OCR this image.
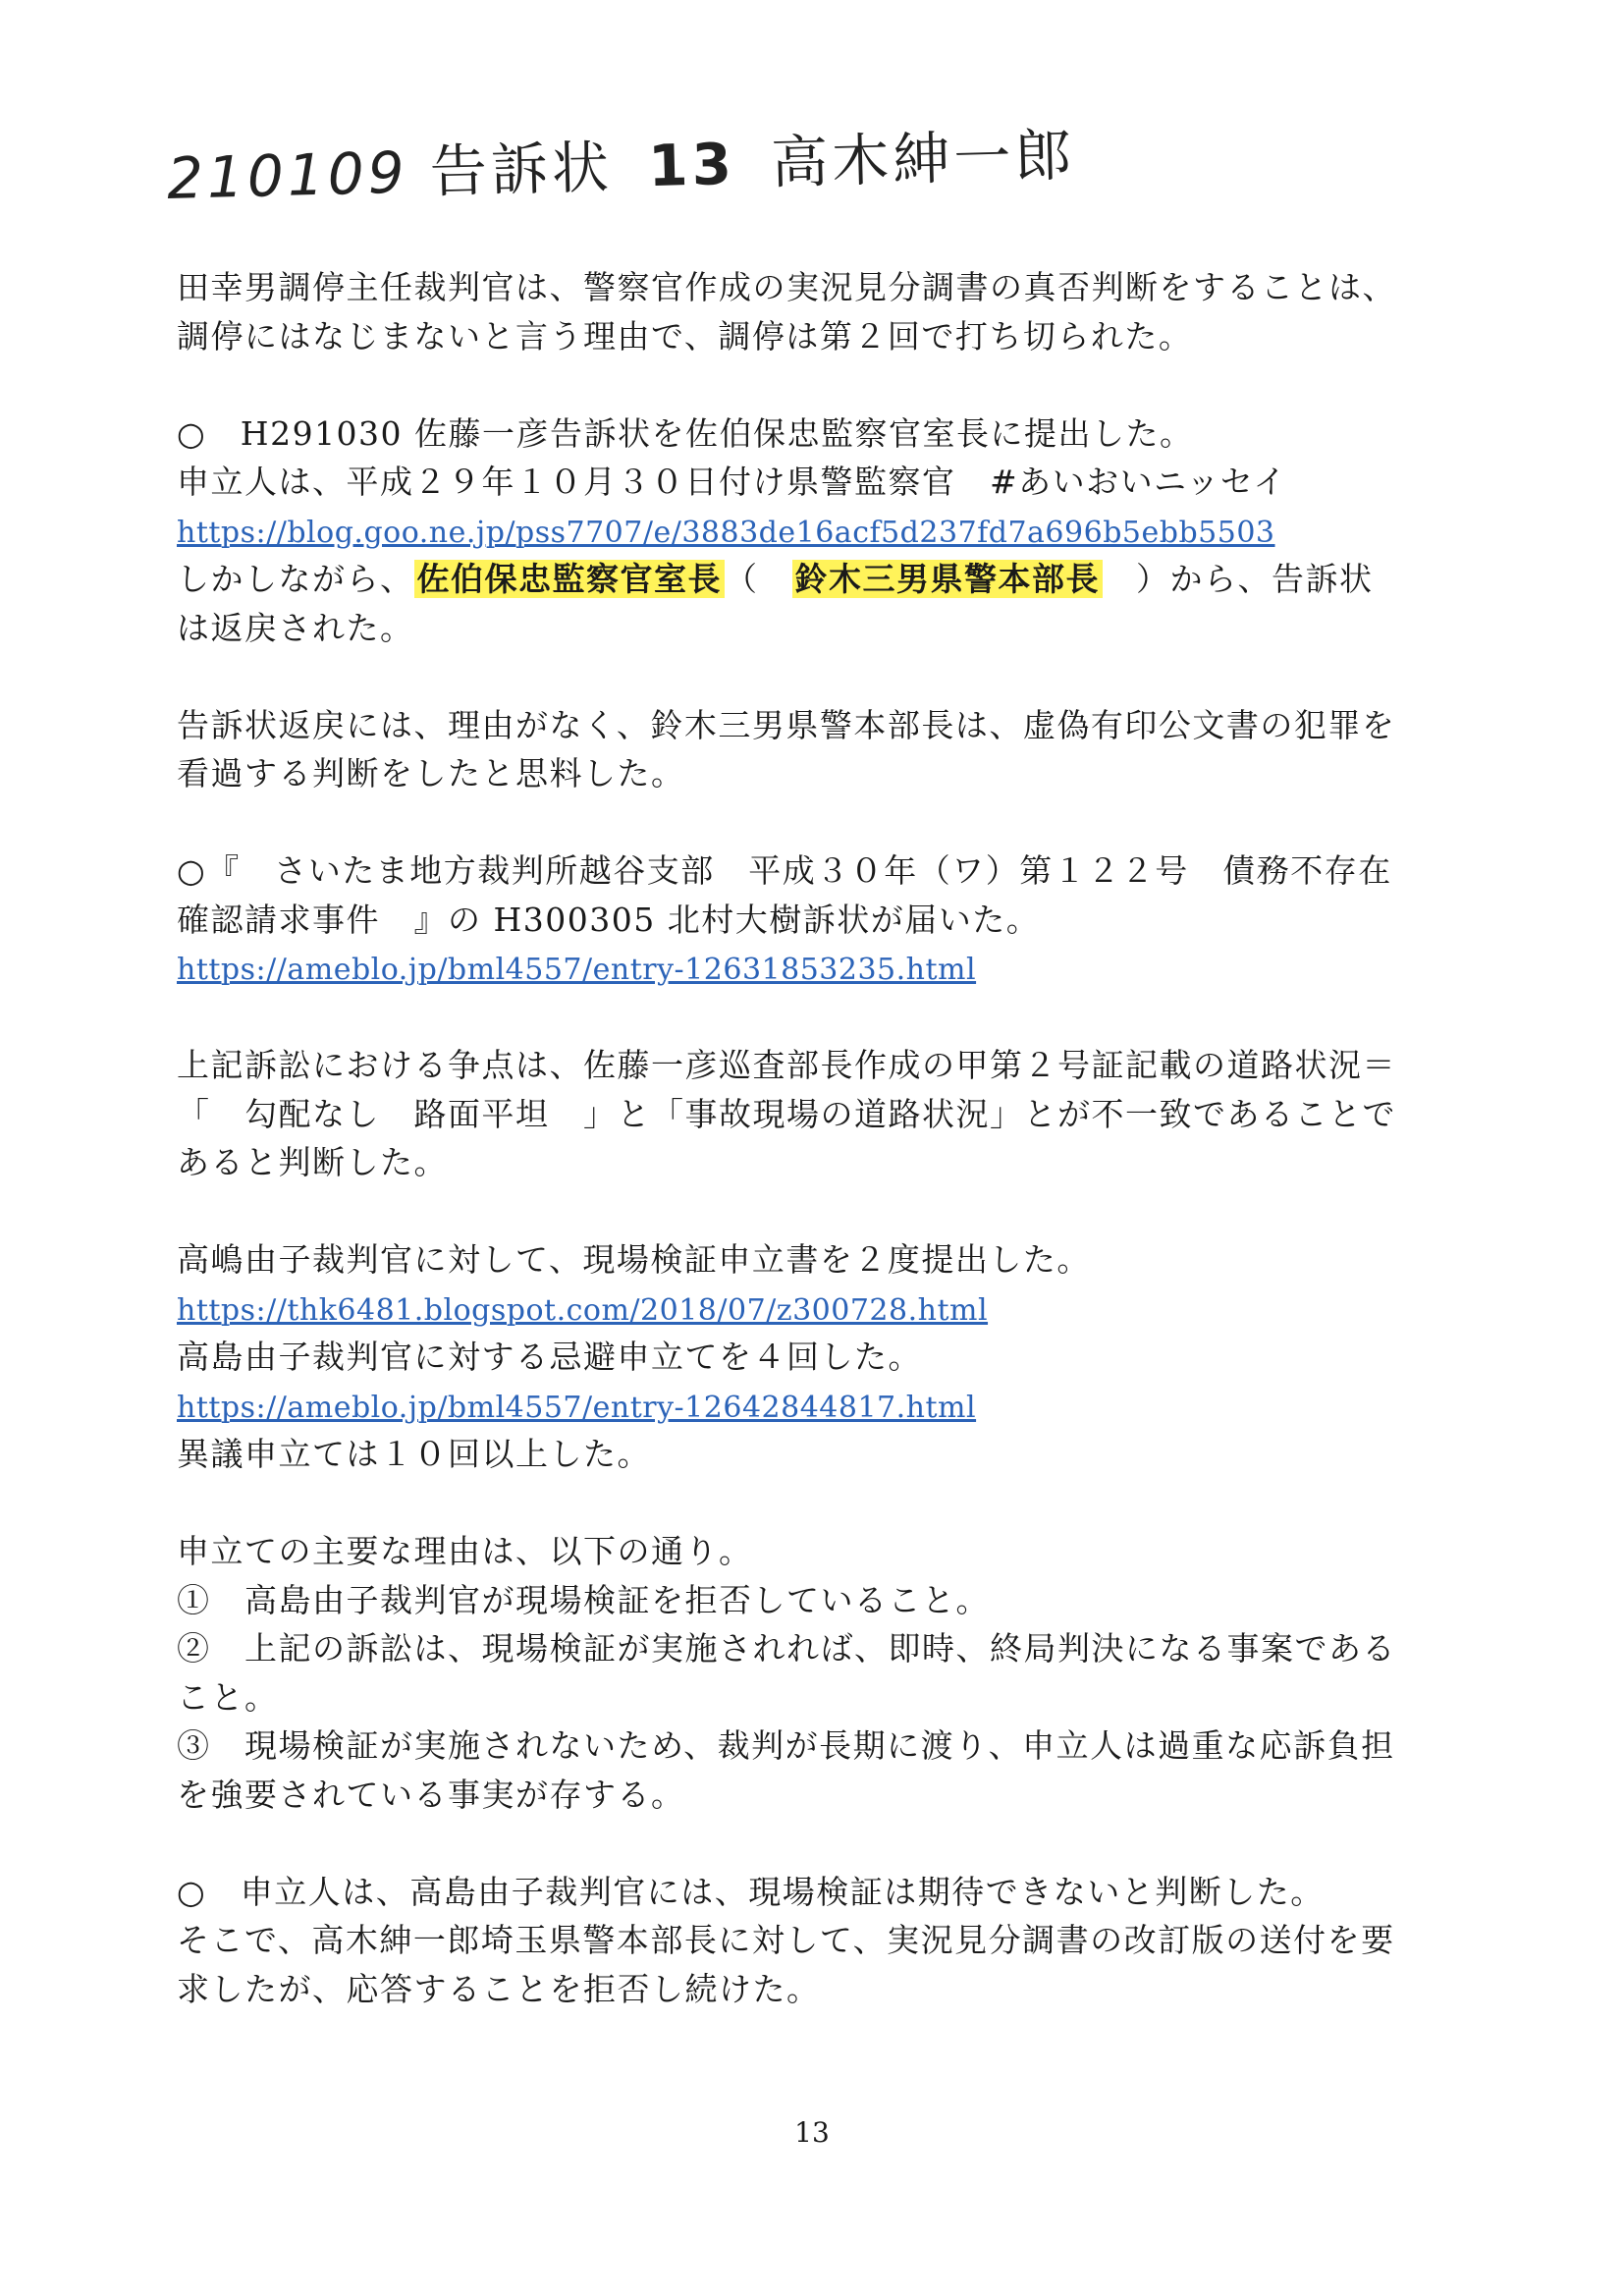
210109 告訴状 13 高木紳一郎
田幸男調停主任裁判官は、警察官作成の実況見分調書の真否判断をすることは、
調停にはなじまないと言う理由で、調停は第２回で打ち切られた。
○　H291030 佐藤一彦告訴状を佐伯保忠監察官室長に提出した。
申立人は、平成２９年１０月３０日付け県警監察官　#あいおいニッセイ
https://blog.goo.ne.jp/pss7707/e/3883de16acf5d237fd7a696b5ebb5503
しかしながら、佐伯保忠監察官室長（ 鈴木三男県警本部長 ）から、告訴状
は返戻された。
告訴状返戻には、理由がなく、鈴木三男県警本部長は、虚偽有印公文書の犯罪を
看過する判断をしたと思料した。
○『　さいたま地方裁判所越谷支部　平成３０年（ワ）第１２２号　債務不存在
確認請求事件　』の H300305 北村大樹訴状が届いた。
https://ameblo.jp/bml4557/entry-12631853235.html
上記訴訟における争点は、佐藤一彦巡査部長作成の甲第２号証記載の道路状況＝
「　勾配なし　路面平坦　」と「事故現場の道路状況」とが不一致であることで
あると判断した。
高嶋由子裁判官に対して、現場検証申立書を２度提出した。
https://thk6481.blogspot.com/2018/07/z300728.html
高島由子裁判官に対する忌避申立てを４回した。
https://ameblo.jp/bml4557/entry-12642844817.html
異議申立ては１０回以上した。
申立ての主要な理由は、以下の通り。
①　高島由子裁判官が現場検証を拒否していること。
②　上記の訴訟は、現場検証が実施されれば、即時、終局判決になる事案である
こと。
③　現場検証が実施されないため、裁判が長期に渡り、申立人は過重な応訴負担
を強要されている事実が存する。
○　申立人は、高島由子裁判官には、現場検証は期待できないと判断した。
そこで、高木紳一郎埼玉県警本部長に対して、実況見分調書の改訂版の送付を要
求したが、応答することを拒否し続けた。
13
